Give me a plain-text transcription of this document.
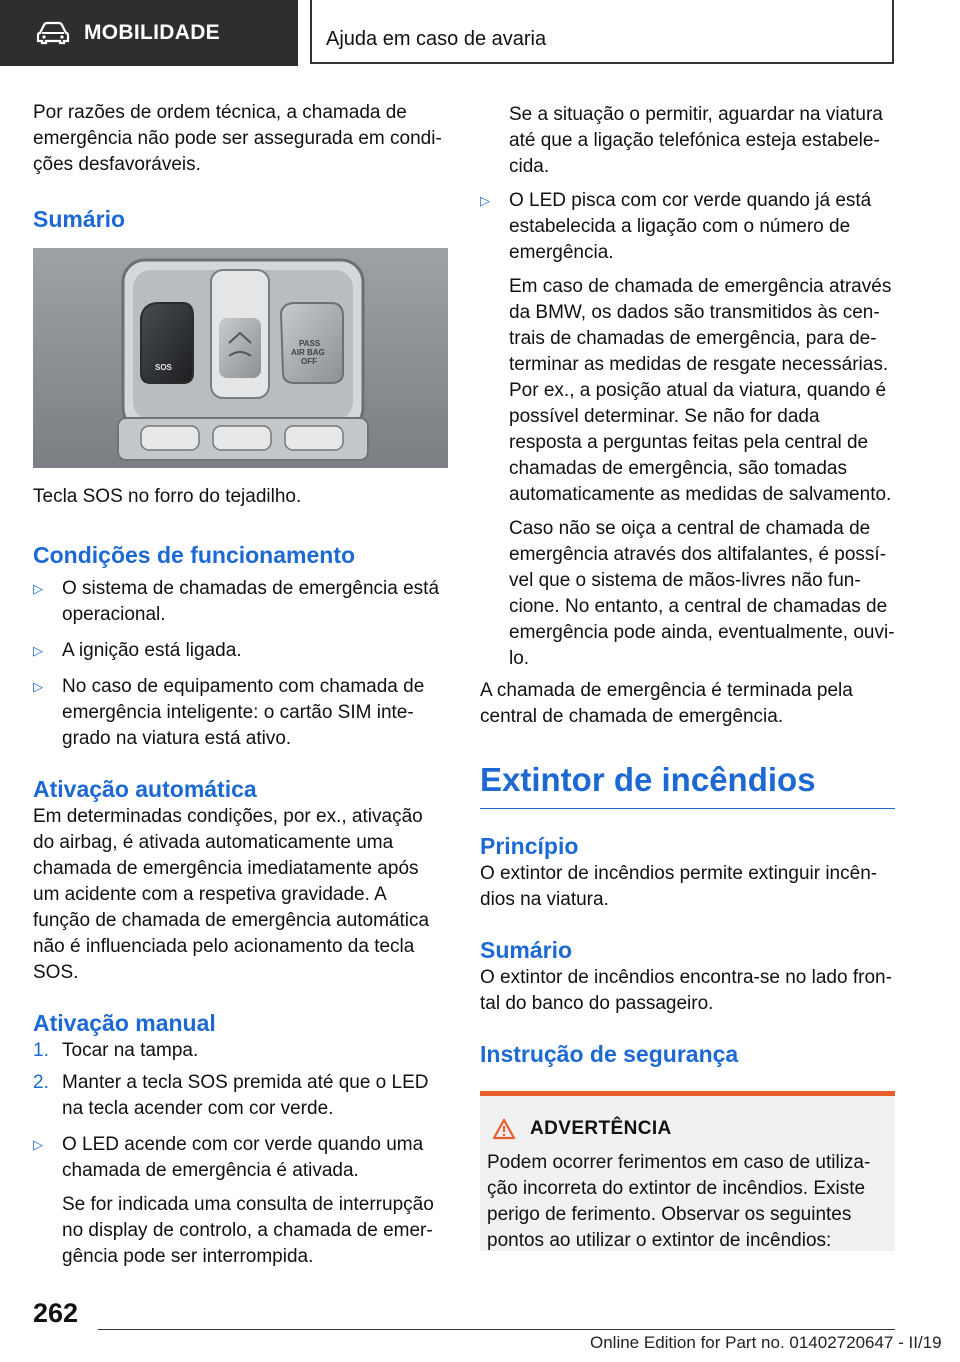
MOBILIDADE	Ajuda em caso de avaria

Por razões de ordem técnica, a chamada de emergência não pode ser assegurada em condições desfavoráveis.

Sumário
SOS
PASS
AIR BAG
OFF

Tecla SOS no forro do tejadilho.

Condições de funcionamento
▷ O sistema de chamadas de emergência está operacional.
▷ A ignição está ligada.
▷ No caso de equipamento com chamada de emergência inteligente: o cartão SIM integrado na viatura está ativo.
Ativação automática

Em determinadas condições, por ex., ativação do airbag, é ativada automaticamente uma chamada de emergência imediatamente após um acidente com a respetiva gravidade. A função de chamada de emergência automática não é influenciada pelo acionamento da tecla SOS.

Ativação manual
1. Tocar na tampa.
2. Manter a tecla SOS premida até que o LED na tecla acender com cor verde.
▷ O LED acende com cor verde quando uma chamada de emergência é ativada.

Se for indicada uma consulta de interrupção no display de controlo, a chamada de emergência pode ser interrompida.

Se a situação o permitir, aguardar na viatura até que a ligação telefónica esteja estabelecida.

▷ O LED pisca com cor verde quando já está estabelecida a ligação com o número de emergência.

Em caso de chamada de emergência através da BMW, os dados são transmitidos às centrais de chamadas de emergência, para determinar as medidas de resgate necessárias. Por ex., a posição atual da viatura, quando é possível determinar. Se não for dada resposta a perguntas feitas pela central de chamadas de emergência, são tomadas automaticamente as medidas de salvamento.

Caso não se oiça a central de chamada de emergência através dos altifalantes, é possível que o sistema de mãos-livres não funcione. No entanto, a central de chamadas de emergência pode ainda, eventualmente, ouvi-lo.

A chamada de emergência é terminada pela central de chamada de emergência.

Extintor de incêndios
Princípio

O extintor de incêndios permite extinguir incêndios na viatura.

Sumário

O extintor de incêndios encontra-se no lado frontal do banco do passageiro.

Instrução de segurança
ADVERTÊNCIA

Podem ocorrer ferimentos em caso de utilização incorreta do extintor de incêndios. Existe perigo de ferimento. Observar os seguintes pontos ao utilizar o extintor de incêndios:

262
Online Edition for Part no. 01402720647 - II/19
